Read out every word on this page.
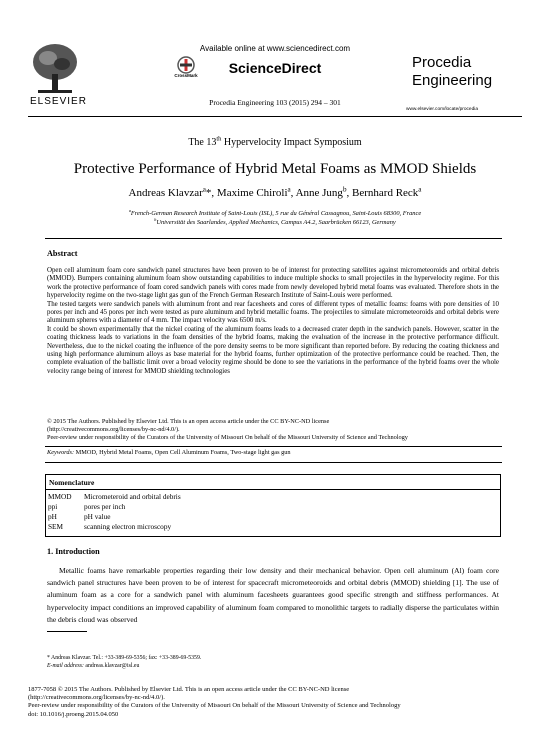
ELSEVIER
Available online at www.sciencedirect.com
CrossMark	ScienceDirect
Procedia Engineering 103 (2015) 294 – 301
Procedia
Engineering
www.elsevier.com/locate/procedia
The 13th Hypervelocity Impact Symposium
Protective Performance of Hybrid Metal Foams as MMOD Shields
Andreas Klavzar$^a$*, Maxime Chiroli$^a$, Anne Jung$^b$, Bernhard Reck$^a$
$^a$French-German Research Institute of Saint-Louis (ISL), 5 rue du Général Cassagnou, Saint-Louis 68300, France
$^b$Universität des Saarlandes, Applied Mechanics, Campus A4.2, Saarbrücken 66123, Germany
Abstract

Open cell aluminum foam core sandwich panel structures have been proven to be of interest for protecting satellites against micrometeoroids and orbital debris (MMOD). Bumpers containing aluminum foam show outstanding capabilities to induce multiple shocks to small projectiles in the hypervelocity regime. For this work the protective performance of foam cored sandwich panels with cores made from newly developed hybrid metal foams was evaluated. Therefore shots in the hypervelocity regime on the two-stage light gas gun of the French German Research Institute of Saint-Louis were performed.

The tested targets were sandwich panels with aluminum front and rear facesheets and cores of different types of metallic foams: foams with pore densities of 10 pores per inch and 45 pores per inch were tested as pure aluminum and hybrid metallic foams. The projectiles to simulate micrometeoroids and orbital debris were aluminum spheres with a diameter of 4 mm. The impact velocity was 6500 m/s.

It could be shown experimentally that the nickel coating of the aluminum foams leads to a decreased crater depth in the sandwich panels. However, scatter in the coating thickness leads to variations in the foam densities of the hybrid foams, making the evaluation of the increase in the protective performance difficult. Nevertheless, due to the nickel coating the influence of the pore density seems to be more significant than reported before. By reducing the coating thickness and using high performance aluminum alloys as base material for the hybrid foams, further optimization of the protective performance could be reached. Then, the complete evaluation of the ballistic limit over a broad velocity regime should be done to see the variations in the performance of the hybrid foams over the whole velocity range being of interest for MMOD shielding technologies

© 2015 The Authors. Published by Elsevier Ltd. This is an open access article under the CC BY-NC-ND license

(http://creativecommons.org/licenses/by-nc-nd/4.0/).

Peer-review under responsibility of the Curators of the University of Missouri On behalf of the Missouri University of Science and Technology

Keywords: MMOD, Hybrid Metal Foams, Open Cell Aluminum Foams, Two-stage light gas gun
Nomenclature
MMOD Micrometeroid and orbital debris
ppi	pores per inch
pH	pH value
SEM	scanning electron microscopy
1. Introduction
Metallic foams have remarkable properties regarding their low density and their mechanical behavior. Open cell aluminum (Al) foam core sandwich panel structures have been proven to be of interest for spacecraft micrometeoroids and orbital debris (MMOD) shielding [1]. The use of aluminum foam as a core for a sandwich panel with aluminum facesheets guarantees good specific strength and stiffness performances. At hypervelocity impact conditions an improved capability of aluminum foam compared to monolithic targets to radially disperse the particulates within the debris cloud was observed
* Andreas Klavzar. Tel.: +33-389-69-5356; fax: +33-389-69-5359.
E-mail address: andreas.klavzar@isl.eu

1877-7058 © 2015 The Authors. Published by Elsevier Ltd. This is an open access article under the CC BY-NC-ND license

(http://creativecommons.org/licenses/by-nc-nd/4.0/).

Peer-review under responsibility of the Curators of the University of Missouri On behalf of the Missouri University of Science and Technology

doi: 10.1016/j.proeng.2015.04.050
